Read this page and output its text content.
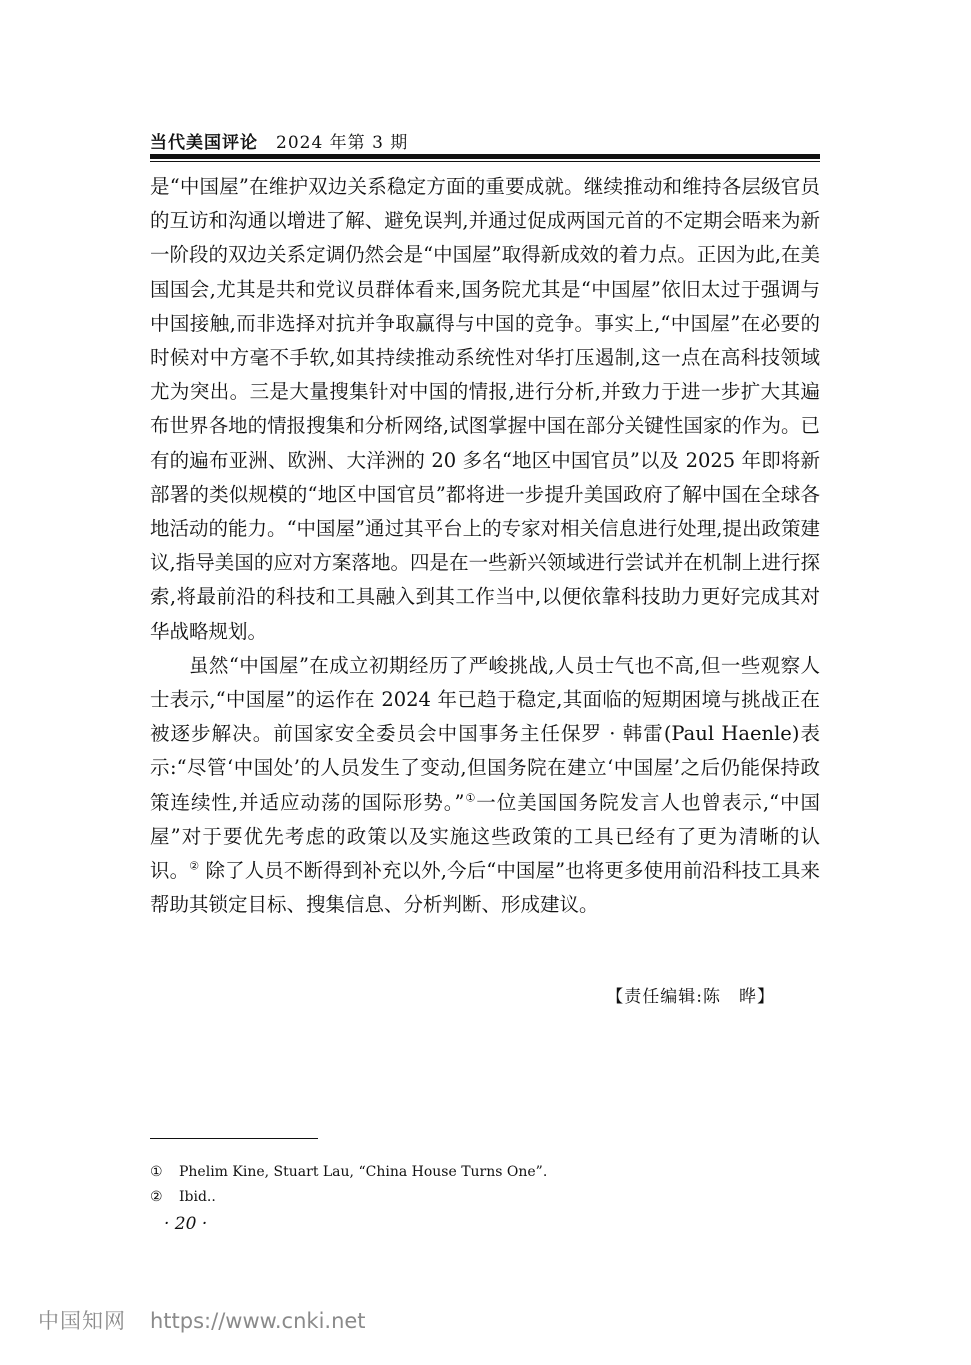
当代美国评论 2024 年第 3 期

是“中国屋”在维护双边关系稳定方面的重要成就。继续推动和维持各层级官员的互访和沟通以增进了解、避免误判,并通过促成两国元首的不定期会晤来为新一阶段的双边关系定调仍然会是“中国屋”取得新成效的着力点。正因为此,在美国国会,尤其是共和党议员群体看来,国务院尤其是“中国屋”依旧太过于强调与中国接触,而非选择对抗并争取赢得与中国的竞争。事实上,“中国屋”在必要的时候对中方毫不手软,如其持续推动系统性对华打压遏制,这一点在高科技领域尤为突出。三是大量搜集针对中国的情报,进行分析,并致力于进一步扩大其遍布世界各地的情报搜集和分析网络,试图掌握中国在部分关键性国家的作为。已有的遍布亚洲、欧洲、大洋洲的 20 多名“地区中国官员”以及 2025 年即将新部署的类似规模的“地区中国官员”都将进一步提升美国政府了解中国在全球各地活动的能力。“中国屋”通过其平台上的专家对相关信息进行处理,提出政策建议,指导美国的应对方案落地。四是在一些新兴领域进行尝试并在机制上进行探索,将最前沿的科技和工具融入到其工作当中,以便依靠科技助力更好完成其对华战略规划。

虽然“中国屋”在成立初期经历了严峻挑战,人员士气也不高,但一些观察人士表示,“中国屋”的运作在 2024 年已趋于稳定,其面临的短期困境与挑战正在被逐步解决。前国家安全委员会中国事务主任保罗 · 韩雷(Paul Haenle)表示:“尽管‘中国处’的人员发生了变动,但国务院在建立‘中国屋’之后仍能保持政策连续性,并适应动荡的国际形势。”①一位美国国务院发言人也曾表示,“中国屋”对于要优先考虑的政策以及实施这些政策的工具已经有了更为清晰的认识。② 除了人员不断得到补充以外,今后“中国屋”也将更多使用前沿科技工具来帮助其锁定目标、搜集信息、分析判断、形成建议。

【责任编辑:陈　晔】
①	Phelim Kine, Stuart Lau, “China House Turns One”.
②	Ibid..
· 20 ·
中国知网 https://www.cnki.net
